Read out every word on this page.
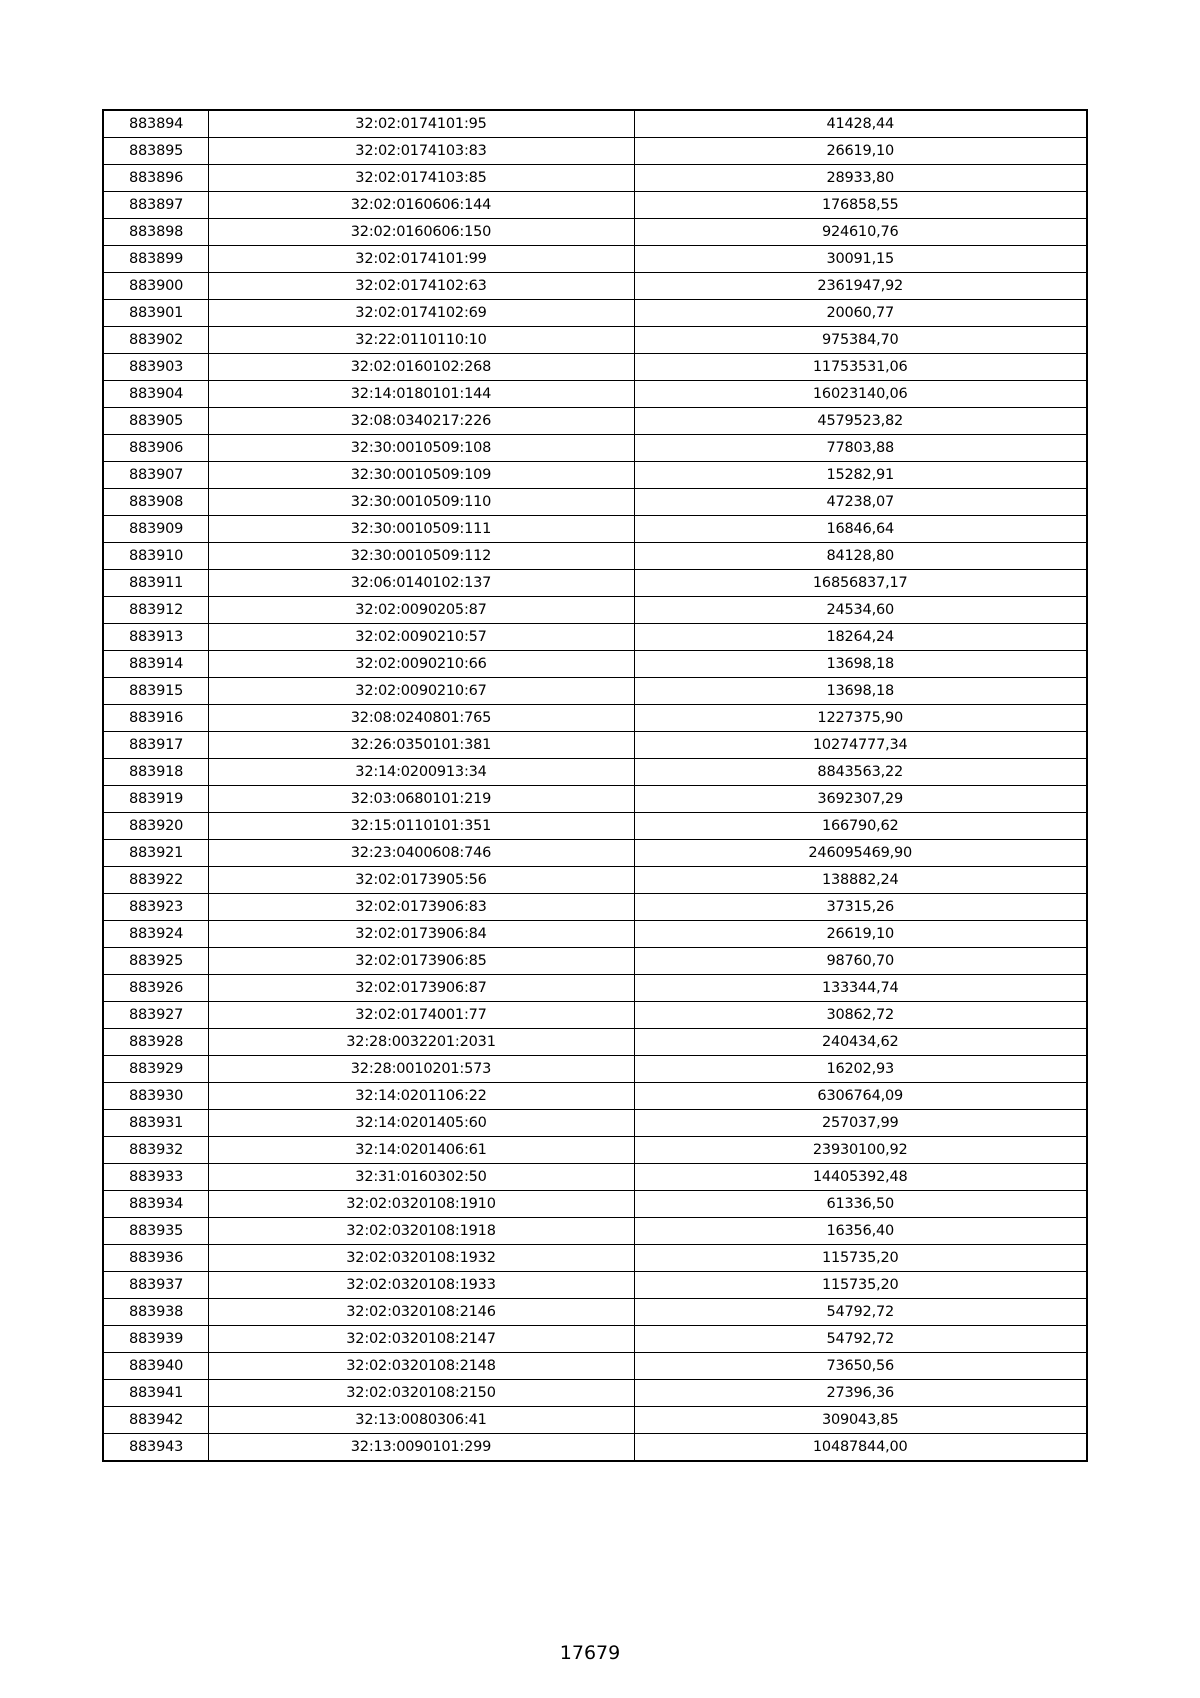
883894	32:02:0174101:95	41428,44
883895	32:02:0174103:83	26619,10
883896	32:02:0174103:85	28933,80
883897	32:02:0160606:144	176858,55
883898	32:02:0160606:150	924610,76
883899	32:02:0174101:99	30091,15
883900	32:02:0174102:63	2361947,92
883901	32:02:0174102:69	20060,77
883902	32:22:0110110:10	975384,70
883903	32:02:0160102:268	11753531,06
883904	32:14:0180101:144	16023140,06
883905	32:08:0340217:226	4579523,82
883906	32:30:0010509:108	77803,88
883907	32:30:0010509:109	15282,91
883908	32:30:0010509:110	47238,07
883909	32:30:0010509:111	16846,64
883910	32:30:0010509:112	84128,80
883911	32:06:0140102:137	16856837,17
883912	32:02:0090205:87	24534,60
883913	32:02:0090210:57	18264,24
883914	32:02:0090210:66	13698,18
883915	32:02:0090210:67	13698,18
883916	32:08:0240801:765	1227375,90
883917	32:26:0350101:381	10274777,34
883918	32:14:0200913:34	8843563,22
883919	32:03:0680101:219	3692307,29
883920	32:15:0110101:351	166790,62
883921	32:23:0400608:746	246095469,90
883922	32:02:0173905:56	138882,24
883923	32:02:0173906:83	37315,26
883924	32:02:0173906:84	26619,10
883925	32:02:0173906:85	98760,70
883926	32:02:0173906:87	133344,74
883927	32:02:0174001:77	30862,72
883928	32:28:0032201:2031	240434,62
883929	32:28:0010201:573	16202,93
883930	32:14:0201106:22	6306764,09
883931	32:14:0201405:60	257037,99
883932	32:14:0201406:61	23930100,92
883933	32:31:0160302:50	14405392,48
883934	32:02:0320108:1910	61336,50
883935	32:02:0320108:1918	16356,40
883936	32:02:0320108:1932	115735,20
883937	32:02:0320108:1933	115735,20
883938	32:02:0320108:2146	54792,72
883939	32:02:0320108:2147	54792,72
883940	32:02:0320108:2148	73650,56
883941	32:02:0320108:2150	27396,36
883942	32:13:0080306:41	309043,85
883943	32:13:0090101:299	10487844,00
17679
